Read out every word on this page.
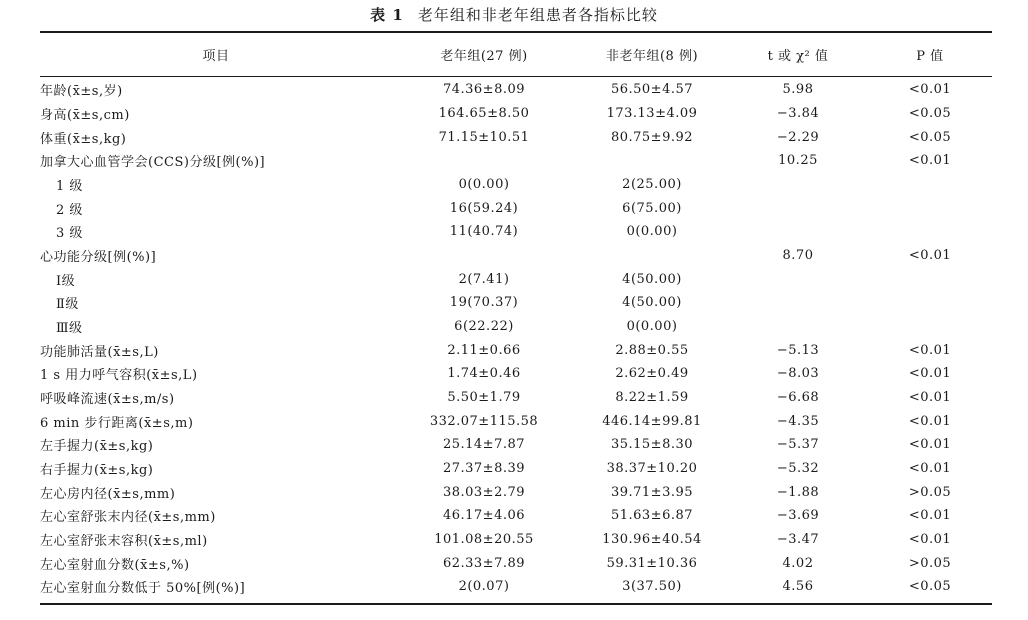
表 1 老年组和非老年组患者各指标比较
项目	老年组(27 例)	非老年组(8 例)	t 或 χ² 值	P 值
年龄(x̄±s,岁)	74.36±8.09	56.50±4.57	5.98	<0.01
身高(x̄±s,cm)	164.65±8.50	173.13±4.09	−3.84	<0.05
体重(x̄±s,kg)	71.15±10.51	80.75±9.92	−2.29	<0.05
加拿大心血管学会(CCS)分级[例(%)]			10.25	<0.01
1 级	0(0.00)	2(25.00)		
2 级	16(59.24)	6(75.00)		
3 级	11(40.74)	0(0.00)		
心功能分级[例(%)]			8.70	<0.01
Ⅰ级	2(7.41)	4(50.00)		
Ⅱ级	19(70.37)	4(50.00)		
Ⅲ级	6(22.22)	0(0.00)		
功能肺活量(x̄±s,L)	2.11±0.66	2.88±0.55	−5.13	<0.01
1 s 用力呼气容积(x̄±s,L)	1.74±0.46	2.62±0.49	−8.03	<0.01
呼吸峰流速(x̄±s,m/s)	5.50±1.79	8.22±1.59	−6.68	<0.01
6 min 步行距离(x̄±s,m)	332.07±115.58	446.14±99.81	−4.35	<0.01
左手握力(x̄±s,kg)	25.14±7.87	35.15±8.30	−5.37	<0.01
右手握力(x̄±s,kg)	27.37±8.39	38.37±10.20	−5.32	<0.01
左心房内径(x̄±s,mm)	38.03±2.79	39.71±3.95	−1.88	>0.05
左心室舒张末内径(x̄±s,mm)	46.17±4.06	51.63±6.87	−3.69	<0.01
左心室舒张末容积(x̄±s,ml)	101.08±20.55	130.96±40.54	−3.47	<0.01
左心室射血分数(x̄±s,%)	62.33±7.89	59.31±10.36	4.02	>0.05
左心室射血分数低于 50%[例(%)]	2(0.07)	3(37.50)	4.56	<0.05
